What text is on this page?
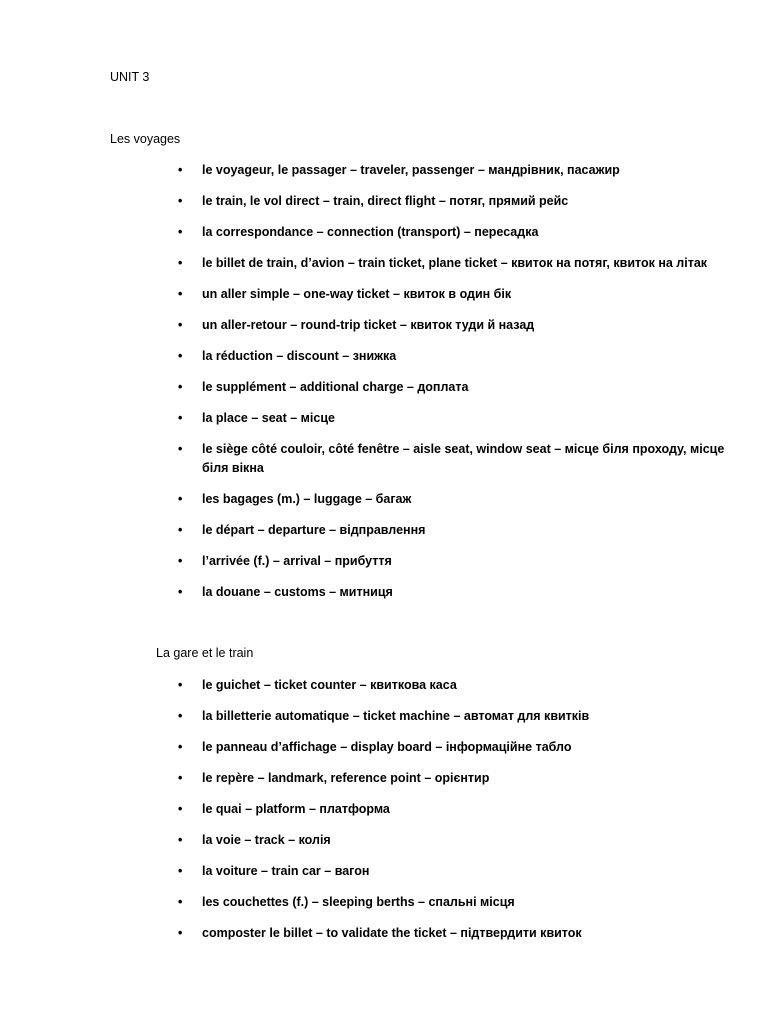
UNIT 3
Les voyages
• le voyageur, le passager – traveler, passenger – мандрівник, пасажир
• le train, le vol direct – train, direct flight – потяг, прямий рейс
• la correspondance – connection (transport) – пересадка
• le billet de train, d’avion – train ticket, plane ticket – квиток на потяг, квиток на літак
• un aller simple – one-way ticket – квиток в один бік
• un aller-retour – round-trip ticket – квиток туди й назад
• la réduction – discount – знижка
• le supplément – additional charge – доплата
• la place – seat – місце
• le siège côté couloir, côté fenêtre – aisle seat, window seat – місце біля проходу, місце біля вікна
• les bagages (m.) – luggage – багаж
• le départ – departure – відправлення
• l’arrivée (f.) – arrival – прибуття
• la douane – customs – митниця
La gare et le train
• le guichet – ticket counter – квиткова каса
• la billetterie automatique – ticket machine – автомат для квитків
• le panneau d’affichage – display board – інформаційне табло
• le repère – landmark, reference point – орієнтир
• le quai – platform – платформа
• la voie – track – колія
• la voiture – train car – вагон
• les couchettes (f.) – sleeping berths – спальні місця
• composter le billet – to validate the ticket – підтвердити квиток
